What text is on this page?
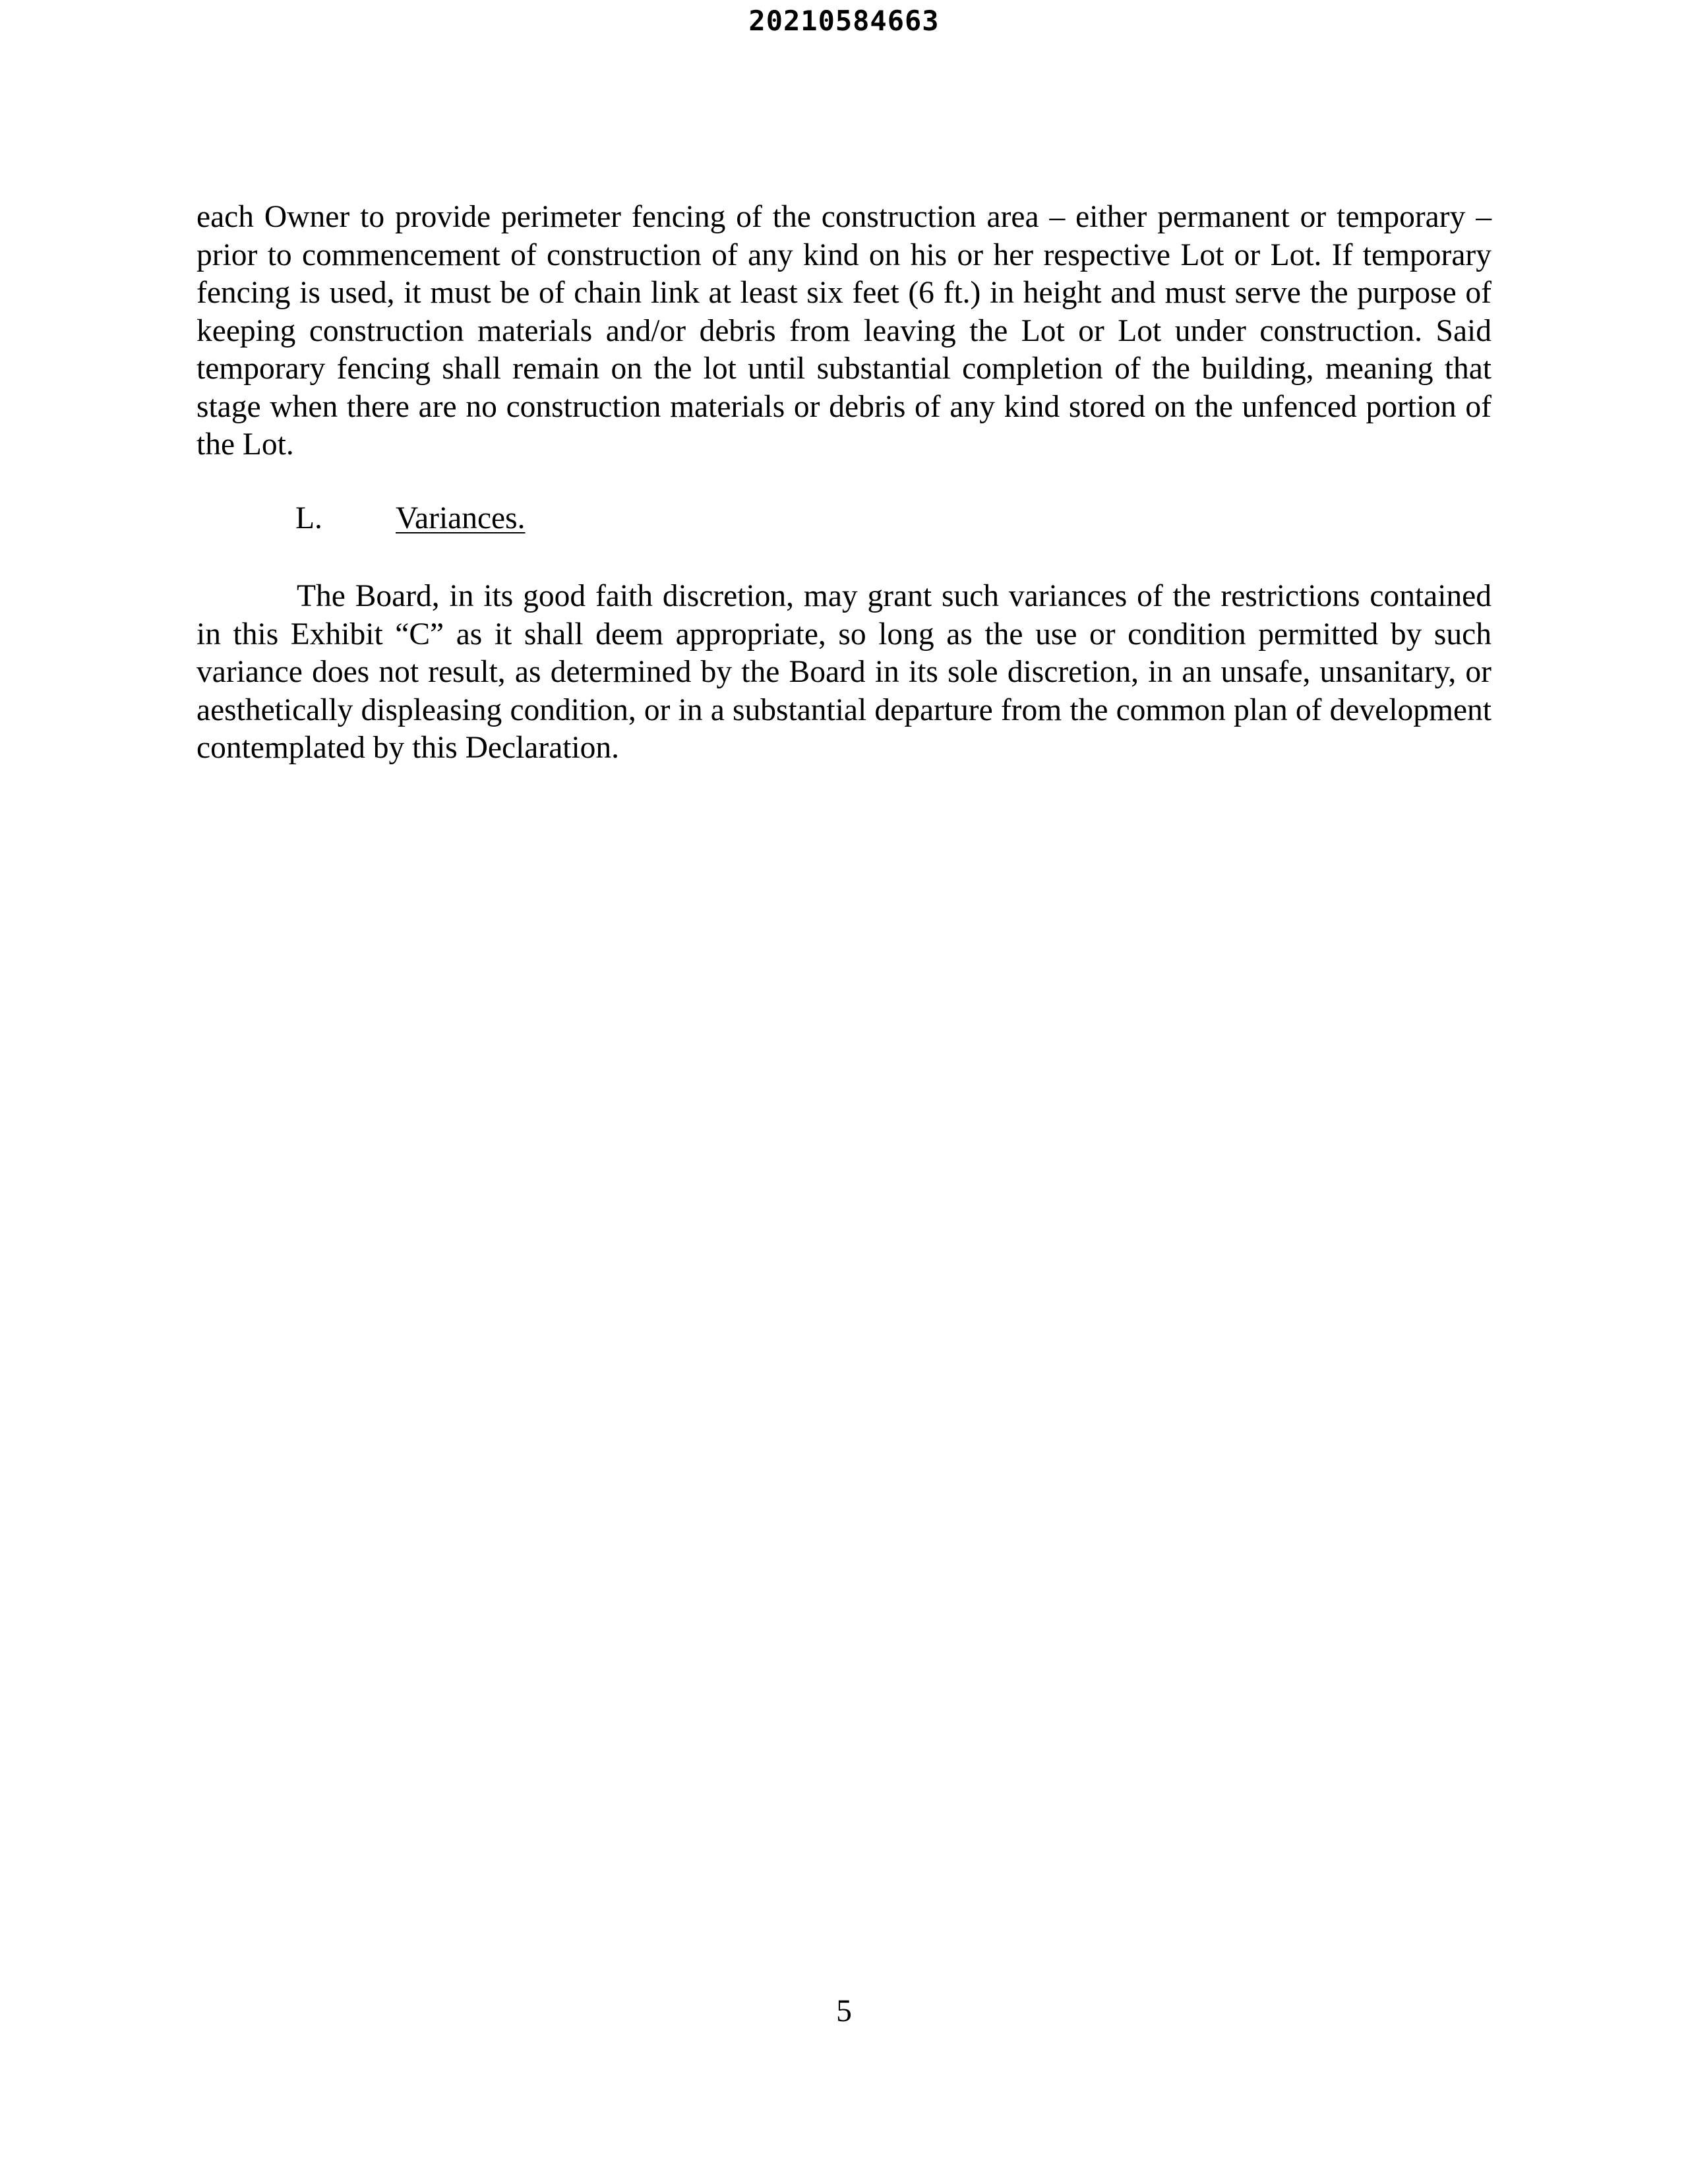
20210584663

each Owner to provide perimeter fencing of the construction area – either permanent or temporary – prior to commencement of construction of any kind on his or her respective Lot or Lot. If temporary fencing is used, it must be of chain link at least six feet (6 ft.) in height and must serve the purpose of keeping construction materials and/or debris from leaving the Lot or Lot under construction. Said temporary fencing shall remain on the lot until substantial completion of the building, meaning that stage when there are no construction materials or debris of any kind stored on the unfenced portion of the Lot.

L. Variances.

The Board, in its good faith discretion, may grant such variances of the restrictions contained in this Exhibit “C” as it shall deem appropriate, so long as the use or condition permitted by such variance does not result, as determined by the Board in its sole discretion, in an unsafe, unsanitary, or aesthetically displeasing condition, or in a substantial departure from the common plan of development contemplated by this Declaration.

5
